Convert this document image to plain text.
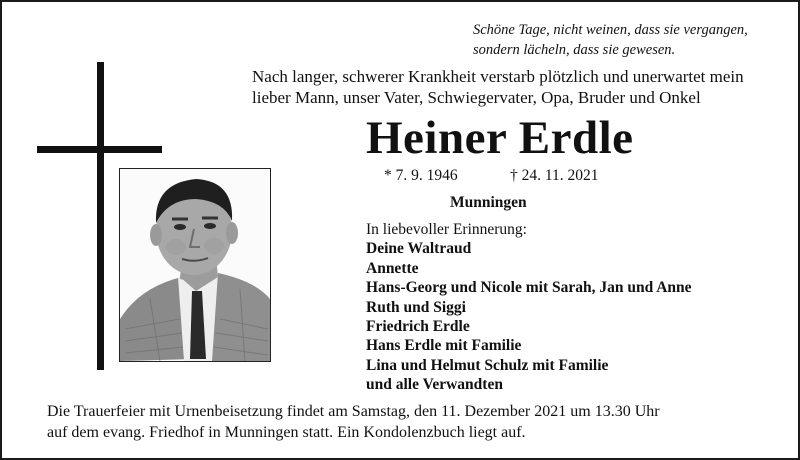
Schöne Tage, nicht weinen, dass sie vergangen,
sondern lächeln, dass sie gewesen.
Nach langer, schwerer Krankheit verstarb plötzlich und unerwartet mein
lieber Mann, unser Vater, Schwiegervater, Opa, Bruder und Onkel
Heiner Erdle
* 7. 9. 1946	† 24. 11. 2021
Munningen
In liebevoller Erinnerung:
Deine Waltraud
Annette
Hans-Georg und Nicole mit Sarah, Jan und Anne
Ruth und Siggi
Friedrich Erdle
Hans Erdle mit Familie
Lina und Helmut Schulz mit Familie
und alle Verwandten
Die Trauerfeier mit Urnenbeisetzung findet am Samstag, den 11. Dezember 2021 um 13.30 Uhr
auf dem evang. Friedhof in Munningen statt. Ein Kondolenzbuch liegt auf.
